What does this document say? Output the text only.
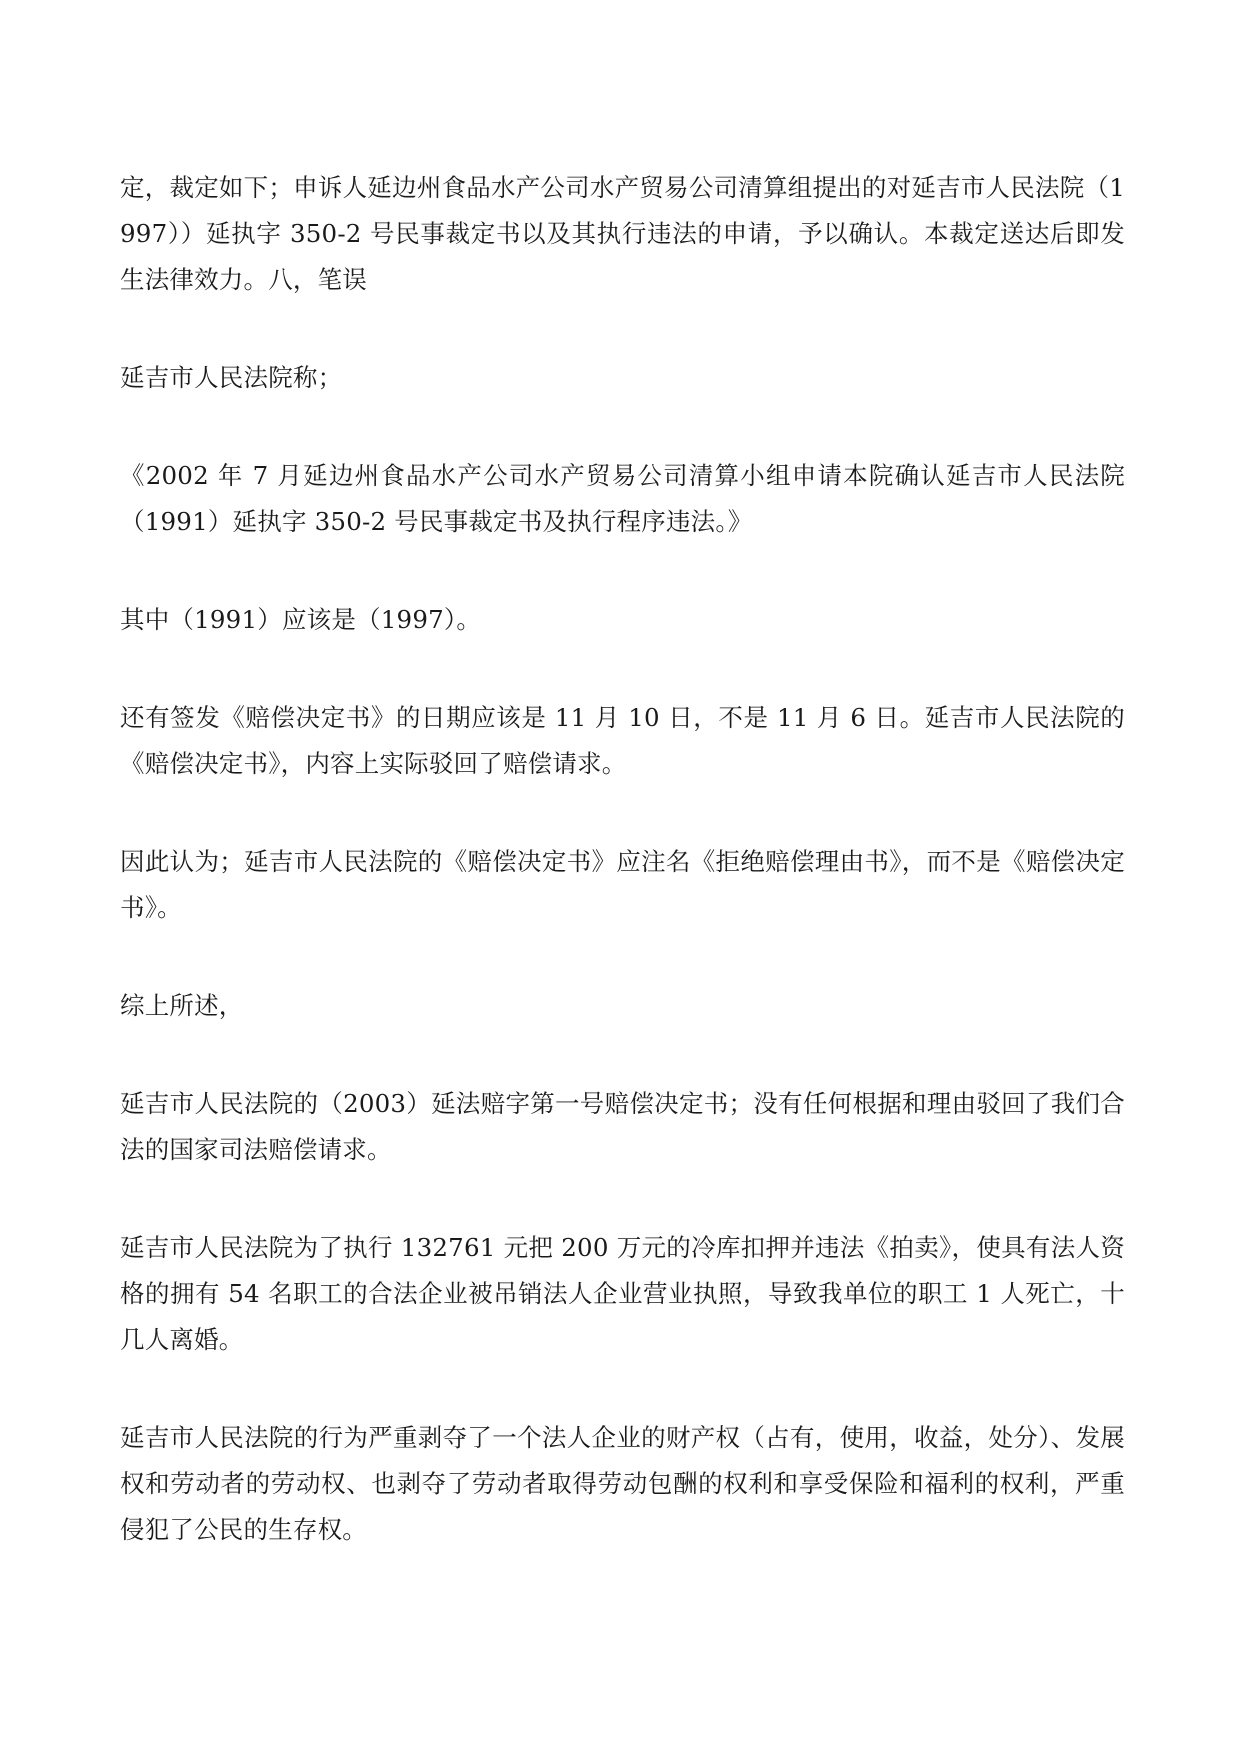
定，裁定如下；申诉人延边州食品水产公司水产贸易公司清算组提出的对延吉市人民法院（1997））延执字 350-2 号民事裁定书以及其执行违法的申请，予以确认。本裁定送达后即发生法律效力。八，笔误

延吉市人民法院称；

《2002 年 7 月延边州食品水产公司水产贸易公司清算小组申请本院确认延吉市人民法院（1991）延执字 350-2 号民事裁定书及执行程序违法。》

其中（1991）应该是（1997）。

还有签发《赔偿决定书》的日期应该是 11 月 10 日，不是 11 月 6 日。延吉市人民法院的《赔偿决定书》，内容上实际驳回了赔偿请求。

因此认为；延吉市人民法院的《赔偿决定书》应注名《拒绝赔偿理由书》，而不是《赔偿决定书》。

综上所述，

延吉市人民法院的（2003）延法赔字第一号赔偿决定书；没有任何根据和理由驳回了我们合法的国家司法赔偿请求。

延吉市人民法院为了执行 132761 元把 200 万元的冷库扣押并违法《拍卖》，使具有法人资格的拥有 54 名职工的合法企业被吊销法人企业营业执照，导致我单位的职工 1 人死亡，十几人离婚。

延吉市人民法院的行为严重剥夺了一个法人企业的财产权（占有，使用，收益，处分）、发展权和劳动者的劳动权、也剥夺了劳动者取得劳动包酬的权利和享受保险和福利的权利，严重侵犯了公民的生存权。
